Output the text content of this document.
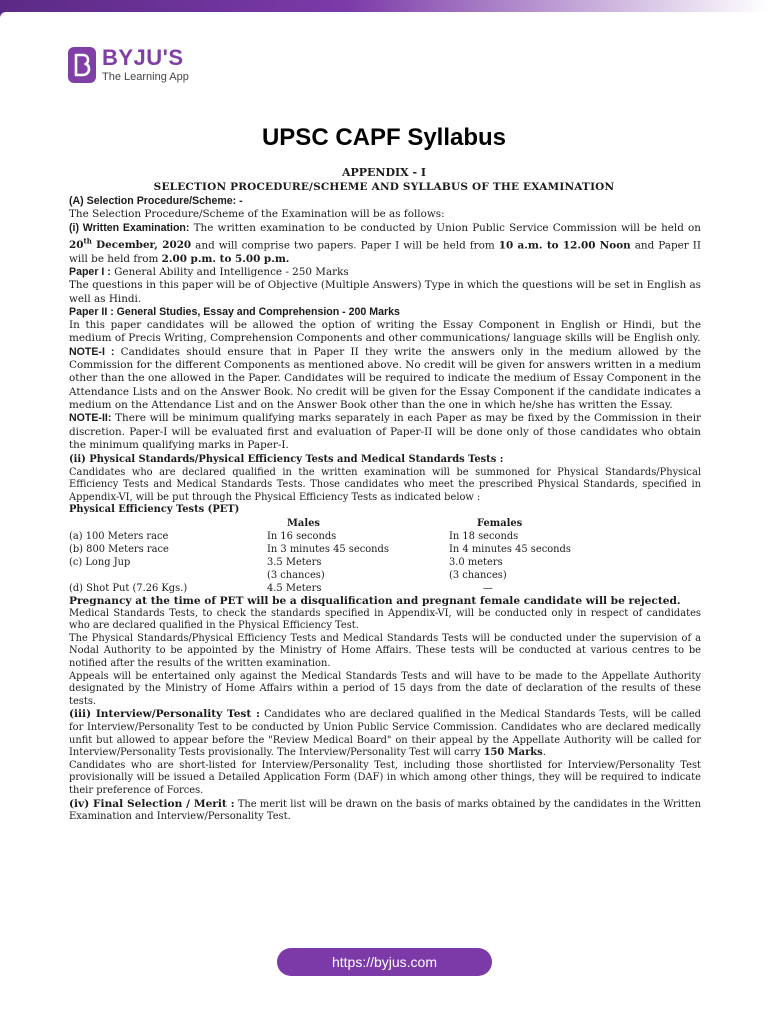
BYJU'S
The Learning App
UPSC CAPF Syllabus
APPENDIX - I
SELECTION PROCEDURE/SCHEME AND SYLLABUS OF THE EXAMINATION

(A) Selection Procedure/Scheme: -

The Selection Procedure/Scheme of the Examination will be as follows:

(i) Written Examination: The written examination to be conducted by Union Public Service Commission will be held on 20th December, 2020 and will comprise two papers. Paper I will be held from 10 a.m. to 12.00 Noon and Paper II will be held from 2.00 p.m. to 5.00 p.m.

Paper I : General Ability and Intelligence - 250 Marks

The questions in this paper will be of Objective (Multiple Answers) Type in which the questions will be set in English as well as Hindi.

Paper II : General Studies, Essay and Comprehension - 200 Marks

In this paper candidates will be allowed the option of writing the Essay Component in English or Hindi, but the medium of Precis Writing, Comprehension Components and other communications/ language skills will be English only.

NOTE-I : Candidates should ensure that in Paper II they write the answers only in the medium allowed by the Commission for the different Components as mentioned above. No credit will be given for answers written in a medium other than the one allowed in the Paper. Candidates will be required to indicate the medium of Essay Component in the Attendance Lists and on the Answer Book. No credit will be given for the Essay Component if the candidate indicates a medium on the Attendance List and on the Answer Book other than the one in which he/she has written the Essay.

NOTE-II: There will be minimum qualifying marks separately in each Paper as may be fixed by the Commission in their discretion. Paper-I will be evaluated first and evaluation of Paper-II will be done only of those candidates who obtain the minimum qualifying marks in Paper-I.

(ii) Physical Standards/Physical Efficiency Tests and Medical Standards Tests :

Candidates who are declared qualified in the written examination will be summoned for Physical Standards/Physical Efficiency Tests and Medical Standards Tests. Those candidates who meet the prescribed Physical Standards, specified in Appendix-VI, will be put through the Physical Efficiency Tests as indicated below :

Physical Efficiency Tests (PET)

	Males	Females
(a) 100 Meters race	In 16 seconds	In 18 seconds
(b) 800 Meters race	In 3 minutes 45 seconds	In 4 minutes 45 seconds
(c) Long Jup	3.5 Meters	3.0 meters
	(3 chances)	(3 chances)
(d) Shot Put (7.26 Kgs.)	4.5 Meters	—

Pregnancy at the time of PET will be a disqualification and pregnant female candidate will be rejected.

Medical Standards Tests, to check the standards specified in Appendix-VI, will be conducted only in respect of candidates who are declared qualified in the Physical Efficiency Test.

The Physical Standards/Physical Efficiency Tests and Medical Standards Tests will be conducted under the supervision of a Nodal Authority to be appointed by the Ministry of Home Affairs. These tests will be conducted at various centres to be notified after the results of the written examination.

Appeals will be entertained only against the Medical Standards Tests and will have to be made to the Appellate Authority designated by the Ministry of Home Affairs within a period of 15 days from the date of declaration of the results of these tests.

(iii) Interview/Personality Test : Candidates who are declared qualified in the Medical Standards Tests, will be called for Interview/Personality Test to be conducted by Union Public Service Commission. Candidates who are declared medically unfit but allowed to appear before the "Review Medical Board" on their appeal by the Appellate Authority will be called for Interview/Personality Tests provisionally. The Interview/Personality Test will carry 150 Marks.

Candidates who are short-listed for Interview/Personality Test, including those shortlisted for Interview/Personality Test provisionally will be issued a Detailed Application Form (DAF) in which among other things, they will be required to indicate their preference of Forces.

(iv) Final Selection / Merit : The merit list will be drawn on the basis of marks obtained by the candidates in the Written Examination and Interview/Personality Test.

https://byjus.com
